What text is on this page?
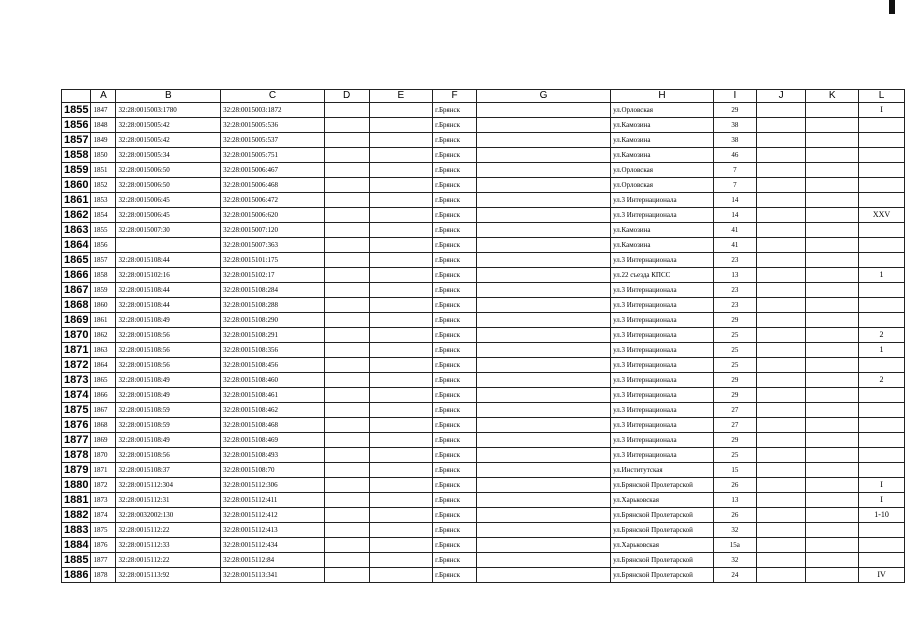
	A	B	C	D	E	F	G	H	I	J	K	L
1855	1847	32:28:0015003:1780	32:28:0015003:1872			г.Брянск		ул.Орловская	29			I
1856	1848	32:28:0015005:42	32:28:0015005:536			г.Брянск		ул.Камозина	38			
1857	1849	32:28:0015005:42	32:28:0015005:537			г.Брянск		ул.Камозина	38			
1858	1850	32:28:0015005:34	32:28:0015005:751			г.Брянск		ул.Камозина	46			
1859	1851	32:28:0015006:50	32:28:0015006:467			г.Брянск		ул.Орловская	7			
1860	1852	32:28:0015006:50	32:28:0015006:468			г.Брянск		ул.Орловская	7			
1861	1853	32:28:0015006:45	32:28:0015006:472			г.Брянск		ул.3 Интернационала	14			
1862	1854	32:28:0015006:45	32:28:0015006:620			г.Брянск		ул.3 Интернационала	14			XXV
1863	1855	32:28:0015007:30	32:28:0015007:120			г.Брянск		ул.Камозина	41			
1864	1856		32:28:0015007:363			г.Брянск		ул.Камозина	41			
1865	1857	32:28:0015108:44	32:28:0015101:175			г.Брянск		ул.3 Интернационала	23			
1866	1858	32:28:0015102:16	32:28:0015102:17			г.Брянск		ул.22 съезда КПСС	13			1
1867	1859	32:28:0015108:44	32:28:0015108:284			г.Брянск		ул.3 Интернационала	23			
1868	1860	32:28:0015108:44	32:28:0015108:288			г.Брянск		ул.3 Интернационала	23			
1869	1861	32:28:0015108:49	32:28:0015108:290			г.Брянск		ул.3 Интернационала	29			
1870	1862	32:28:0015108:56	32:28:0015108:291			г.Брянск		ул.3 Интернационала	25			2
1871	1863	32:28:0015108:56	32:28:0015108:356			г.Брянск		ул.3 Интернационала	25			1
1872	1864	32:28:0015108:56	32:28:0015108:456			г.Брянск		ул.3 Интернационала	25			
1873	1865	32:28:0015108:49	32:28:0015108:460			г.Брянск		ул.3 Интернационала	29			2
1874	1866	32:28:0015108:49	32:28:0015108:461			г.Брянск		ул.3 Интернационала	29			
1875	1867	32:28:0015108:59	32:28:0015108:462			г.Брянск		ул.3 Интернационала	27			
1876	1868	32:28:0015108:59	32:28:0015108:468			г.Брянск		ул.3 Интернационала	27			
1877	1869	32:28:0015108:49	32:28:0015108:469			г.Брянск		ул.3 Интернационала	29			
1878	1870	32:28:0015108:56	32:28:0015108:493			г.Брянск		ул.3 Интернационала	25			
1879	1871	32:28:0015108:37	32:28:0015108:70			г.Брянск		ул.Институтская	15			
1880	1872	32:28:0015112:304	32:28:0015112:306			г.Брянск		ул.Брянской Пролетарской	26			I
1881	1873	32:28:0015112:31	32:28:0015112:411			г.Брянск		ул.Харьковская	13			I
1882	1874	32:28:0032002:130	32:28:0015112:412			г.Брянск		ул.Брянской Пролетарской	26			1-10
1883	1875	32:28:0015112:22	32:28:0015112:413			г.Брянск		ул.Брянской Пролетарской	32			
1884	1876	32:28:0015112:33	32:28:0015112:434			г.Брянск		ул.Харьковская	15а			
1885	1877	32:28:0015112:22	32:28:0015112:84			г.Брянск		ул.Брянской Пролетарской	32			
1886	1878	32:28:0015113:92	32:28:0015113:341			г.Брянск		ул.Брянской Пролетарской	24			IV
